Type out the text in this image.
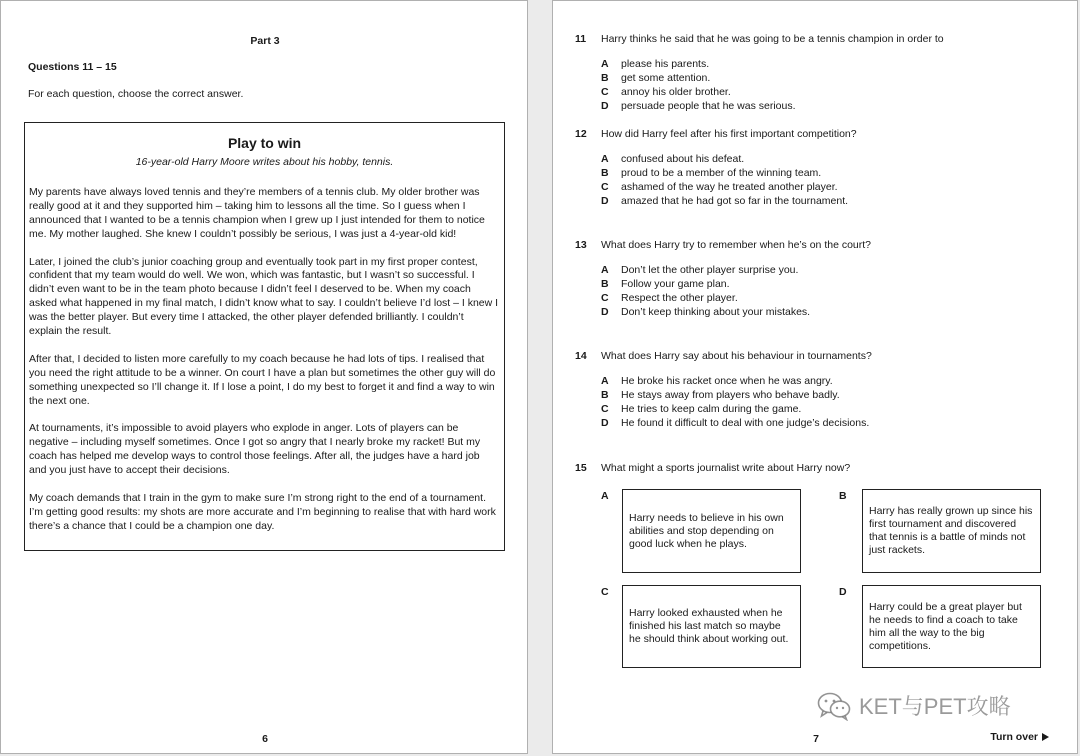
Part 3
Questions 11 – 15
For each question, choose the correct answer.
Play to win
16-year-old Harry Moore writes about his hobby, tennis.

My parents have always loved tennis and they’re members of a tennis club. My older brother was really good at it and they supported him – taking him to lessons all the time. So I guess when I announced that I wanted to be a tennis champion when I grew up I just intended for them to notice me. My mother laughed. She knew I couldn’t possibly be serious, I was just a 4-year-old kid!

Later, I joined the club’s junior coaching group and eventually took part in my first proper contest, confident that my team would do well. We won, which was fantastic, but I wasn’t so successful. I didn’t even want to be in the team photo because I didn’t feel I deserved to be. When my coach asked what happened in my final match, I didn’t know what to say. I couldn’t believe I’d lost – I knew I was the better player. But every time I attacked, the other player defended brilliantly. I couldn’t explain the result.

After that, I decided to listen more carefully to my coach because he had lots of tips. I realised that you need the right attitude to be a winner. On court I have a plan but sometimes the other guy will do something unexpected so I’ll change it. If I lose a point, I do my best to forget it and find a way to win the next one.

At tournaments, it’s impossible to avoid players who explode in anger. Lots of players can be negative – including myself sometimes. Once I got so angry that I nearly broke my racket! But my coach has helped me develop ways to control those feelings. After all, the judges have a hard job and you just have to accept their decisions.

My coach demands that I train in the gym to make sure I’m strong right to the end of a tournament. I’m getting good results: my shots are more accurate and I’m beginning to realise that with hard work there’s a chance that I could be a champion one day.

6
11	Harry thinks he said that he was going to be a tennis champion in order to
A	please his parents.
B	get some attention.
C	annoy his older brother.
D	persuade people that he was serious.
12	How did Harry feel after his first important competition?
A	confused about his defeat.
B	proud to be a member of the winning team.
C	ashamed of the way he treated another player.
D	amazed that he had got so far in the tournament.
13	What does Harry try to remember when he’s on the court?
A	Don’t let the other player surprise you.
B	Follow your game plan.
C	Respect the other player.
D	Don’t keep thinking about your mistakes.
14	What does Harry say about his behaviour in tournaments?
A	He broke his racket once when he was angry.
B	He stays away from players who behave badly.
C	He tries to keep calm during the game.
D	He found it difficult to deal with one judge’s decisions.
15	What might a sports journalist write about Harry now?
A
Harry needs to believe in his own abilities and stop depending on good luck when he plays.
B
Harry has really grown up since his first tournament and discovered that tennis is a battle of minds not just rackets.
C
Harry looked exhausted when he finished his last match so maybe he should think about working out.
D
Harry could be a great player but he needs to find a coach to take him all the way to the big competitions.
7	Turn over
KET与PET攻略
